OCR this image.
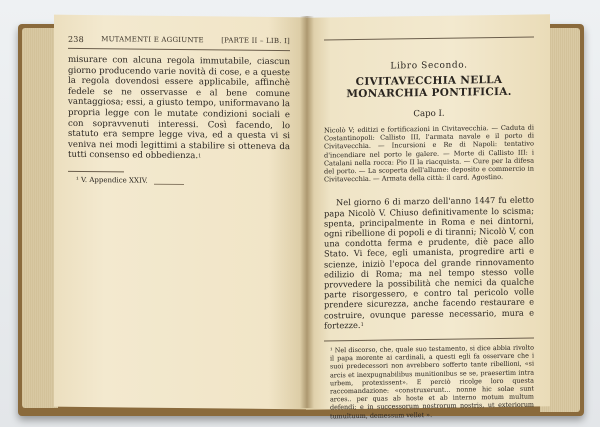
238 MUTAMENTI E AGGIUNTE [PARTE II – LIB. I]

misurare con alcuna regola immutabile, ciascun giorno producendo varie novità di cose, e a queste la regola dovendosi essere applicabile, affinchè fedele se ne osservasse e al bene comune vantaggiosa; essi, a giusto tempo, uniformavano la propria legge con le mutate condizioni sociali e con sopravvenuti interessi. Così facendo, lo statuto era sempre legge viva, ed a questa vi si veniva nei modi legittimi a stabilire si otteneva da tutti consenso ed obbedienza.$^1$

¹ V. Appendice XXIV.

Libro Secondo.

CIVITAVECCHIA NELLA MONARCHIA PONTIFICIA.

Capo I.

Nicolò V; editizi e fortificazioni in Civitavecchia. — Caduta di Costantinopoli: Callisto III, l'armata navale e il porto di Civitavecchia. — Incursioni e Re di Napoli: tentativo d'incendiare nel porto le galere. — Morte di Callisto III: i Catalani nella rocca: Pio II la riacquista. — Cure per la difesa del porto. — La scoperta dell'allume: deposito e commercio in Civitavecchia. — Armata della città: il card. Agostino.

Nel giorno 6 di marzo dell'anno 1447 fu eletto papa Nicolò V. Chiuso definitivamente lo scisma; spenta, principalmente in Roma e nei dintorni, ogni ribellione di popoli e di tiranni; Nicolò V, con una condotta ferma e prudente, diè pace allo Stato. Vi fece, egli umanista, progredire arti e scienze, iniziò l'epoca del grande rinnovamento edilizio di Roma; ma nel tempo stesso volle provvedere la possibilità che nemici da qualche parte risorgessero, e contro tal pericolo volle prendere sicurezza, anche facendo restaurare e costruire, ovunque paresse necessario, mura e fortezze.$^1$

¹ Nel discorso, che, quale suo testamento, si dice abbia rivolto il papa morente ai cardinali, a questi egli fa osservare che i suoi predecessori non avrebbero sofferto tante ribellioni, «si arcis et inexpugnabilibus munitionibus se se, praesertim intra urbem, protexissent». E perciò ricolge loro questa raccomandazione: «construxerunt... nonne hic solae sunt arces.. per quas ab hoste et ab interno motum multum defendi; e in successorum nostrorum nostris, ut exteriorum tumultuum, demessum vellet ».
